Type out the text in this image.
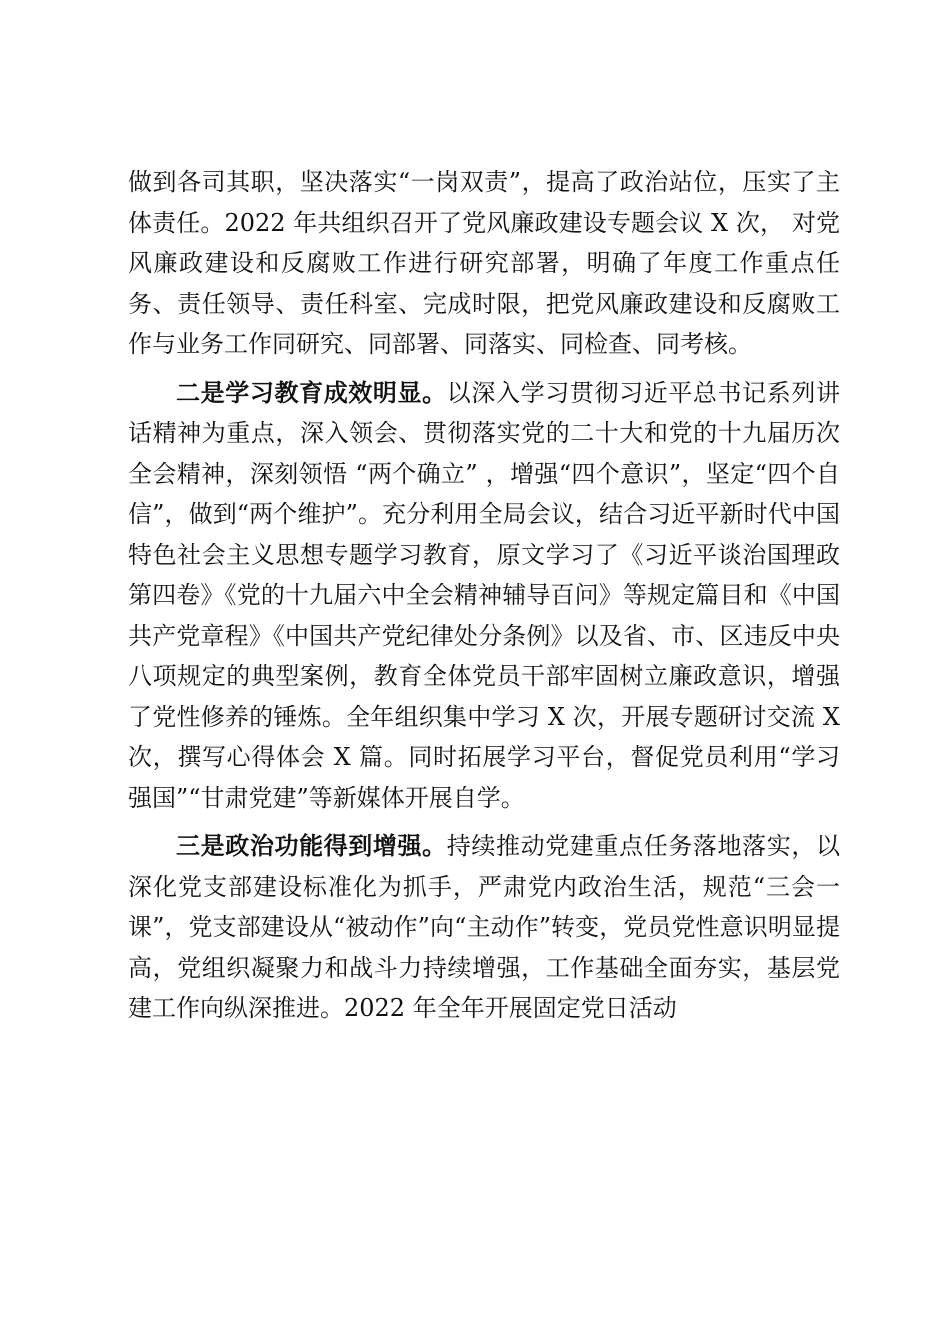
做到各司其职，坚决落实“一岗双责”，提高了政治站位，压实了主体责任。2022 年共组织召开了党风廉政建设专题会议 X 次， 对党风廉政建设和反腐败工作进行研究部署，明确了年度工作重点任务、责任领导、责任科室、完成时限，把党风廉政建设和反腐败工作与业务工作同研究、同部署、同落实、同检查、同考核。

二是学习教育成效明显。以深入学习贯彻习近平总书记系列讲话精神为重点，深入领会、贯彻落实党的二十大和党的十九届历次全会精神，深刻领悟 “两个确立” ，增强“四个意识”，坚定“四个自信”，做到“两个维护”。充分利用全局会议，结合习近平新时代中国特色社会主义思想专题学习教育，原文学习了《习近平谈治国理政第四卷》《党的十九届六中全会精神辅导百问》等规定篇目和《中国共产党章程》《中国共产党纪律处分条例》以及省、市、区违反中央八项规定的典型案例，教育全体党员干部牢固树立廉政意识，增强了党性修养的锤炼。全年组织集中学习 X 次，开展专题研讨交流 X 次，撰写心得体会 X 篇。同时拓展学习平台，督促党员利用“学习强国”“甘肃党建”等新媒体开展自学。

三是政治功能得到增强。持续推动党建重点任务落地落实，以深化党支部建设标准化为抓手，严肃党内政治生活，规范“三会一课”，党支部建设从“被动作”向“主动作”转变，党员党性意识明显提高，党组织凝聚力和战斗力持续增强，工作基础全面夯实，基层党建工作向纵深推进。2022 年全年开展固定党日活动
